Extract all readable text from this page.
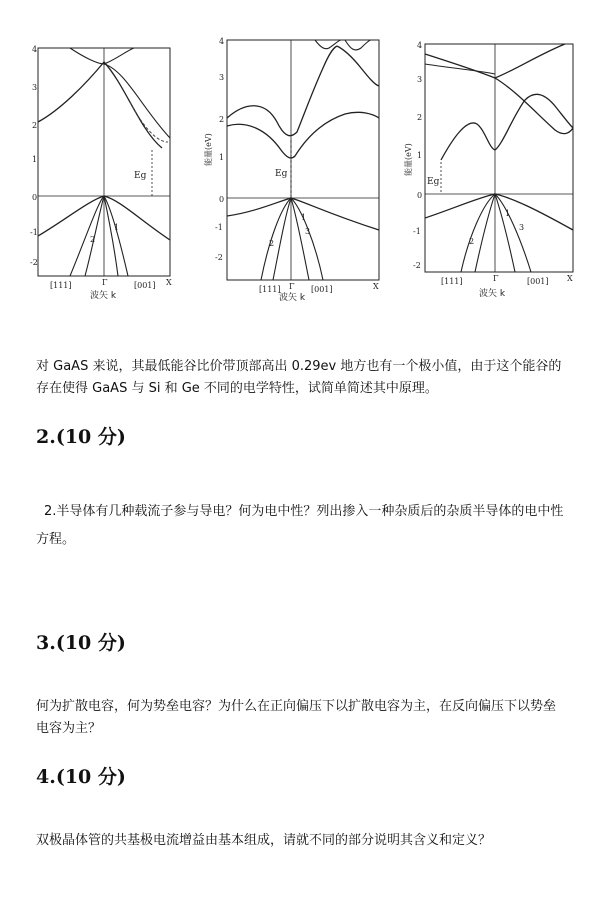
4
3
2
1
0
-1
-2
Eg
2
1
[111]	Γ	[001] X
波矢 k
4
3
2
1
0
-1
-2
能量(eV)
Eg
2
3
1
[111] Γ [001]	X
波矢 k
4
3
2
1
0
-1
-2
能量(eV)
Eg
2
3
1
[111]	Γ	[001] X
波矢 k
对 GaAS 来说，其最低能谷比价带顶部高出 0.29ev 地方也有一个极小值，由于这个能谷的存在使得 GaAS 与 Si 和 Ge 不同的电学特性，试简单简述其中原理。
2.(10 分)
2.半导体有几种载流子参与导电？何为电中性？列出掺入一种杂质后的杂质半导体的电中性方程。
3.(10 分)
何为扩散电容，何为势垒电容？为什么在正向偏压下以扩散电容为主，在反向偏压下以势垒电容为主？
4.(10 分)
双极晶体管的共基极电流增益由基本组成，请就不同的部分说明其含义和定义？
